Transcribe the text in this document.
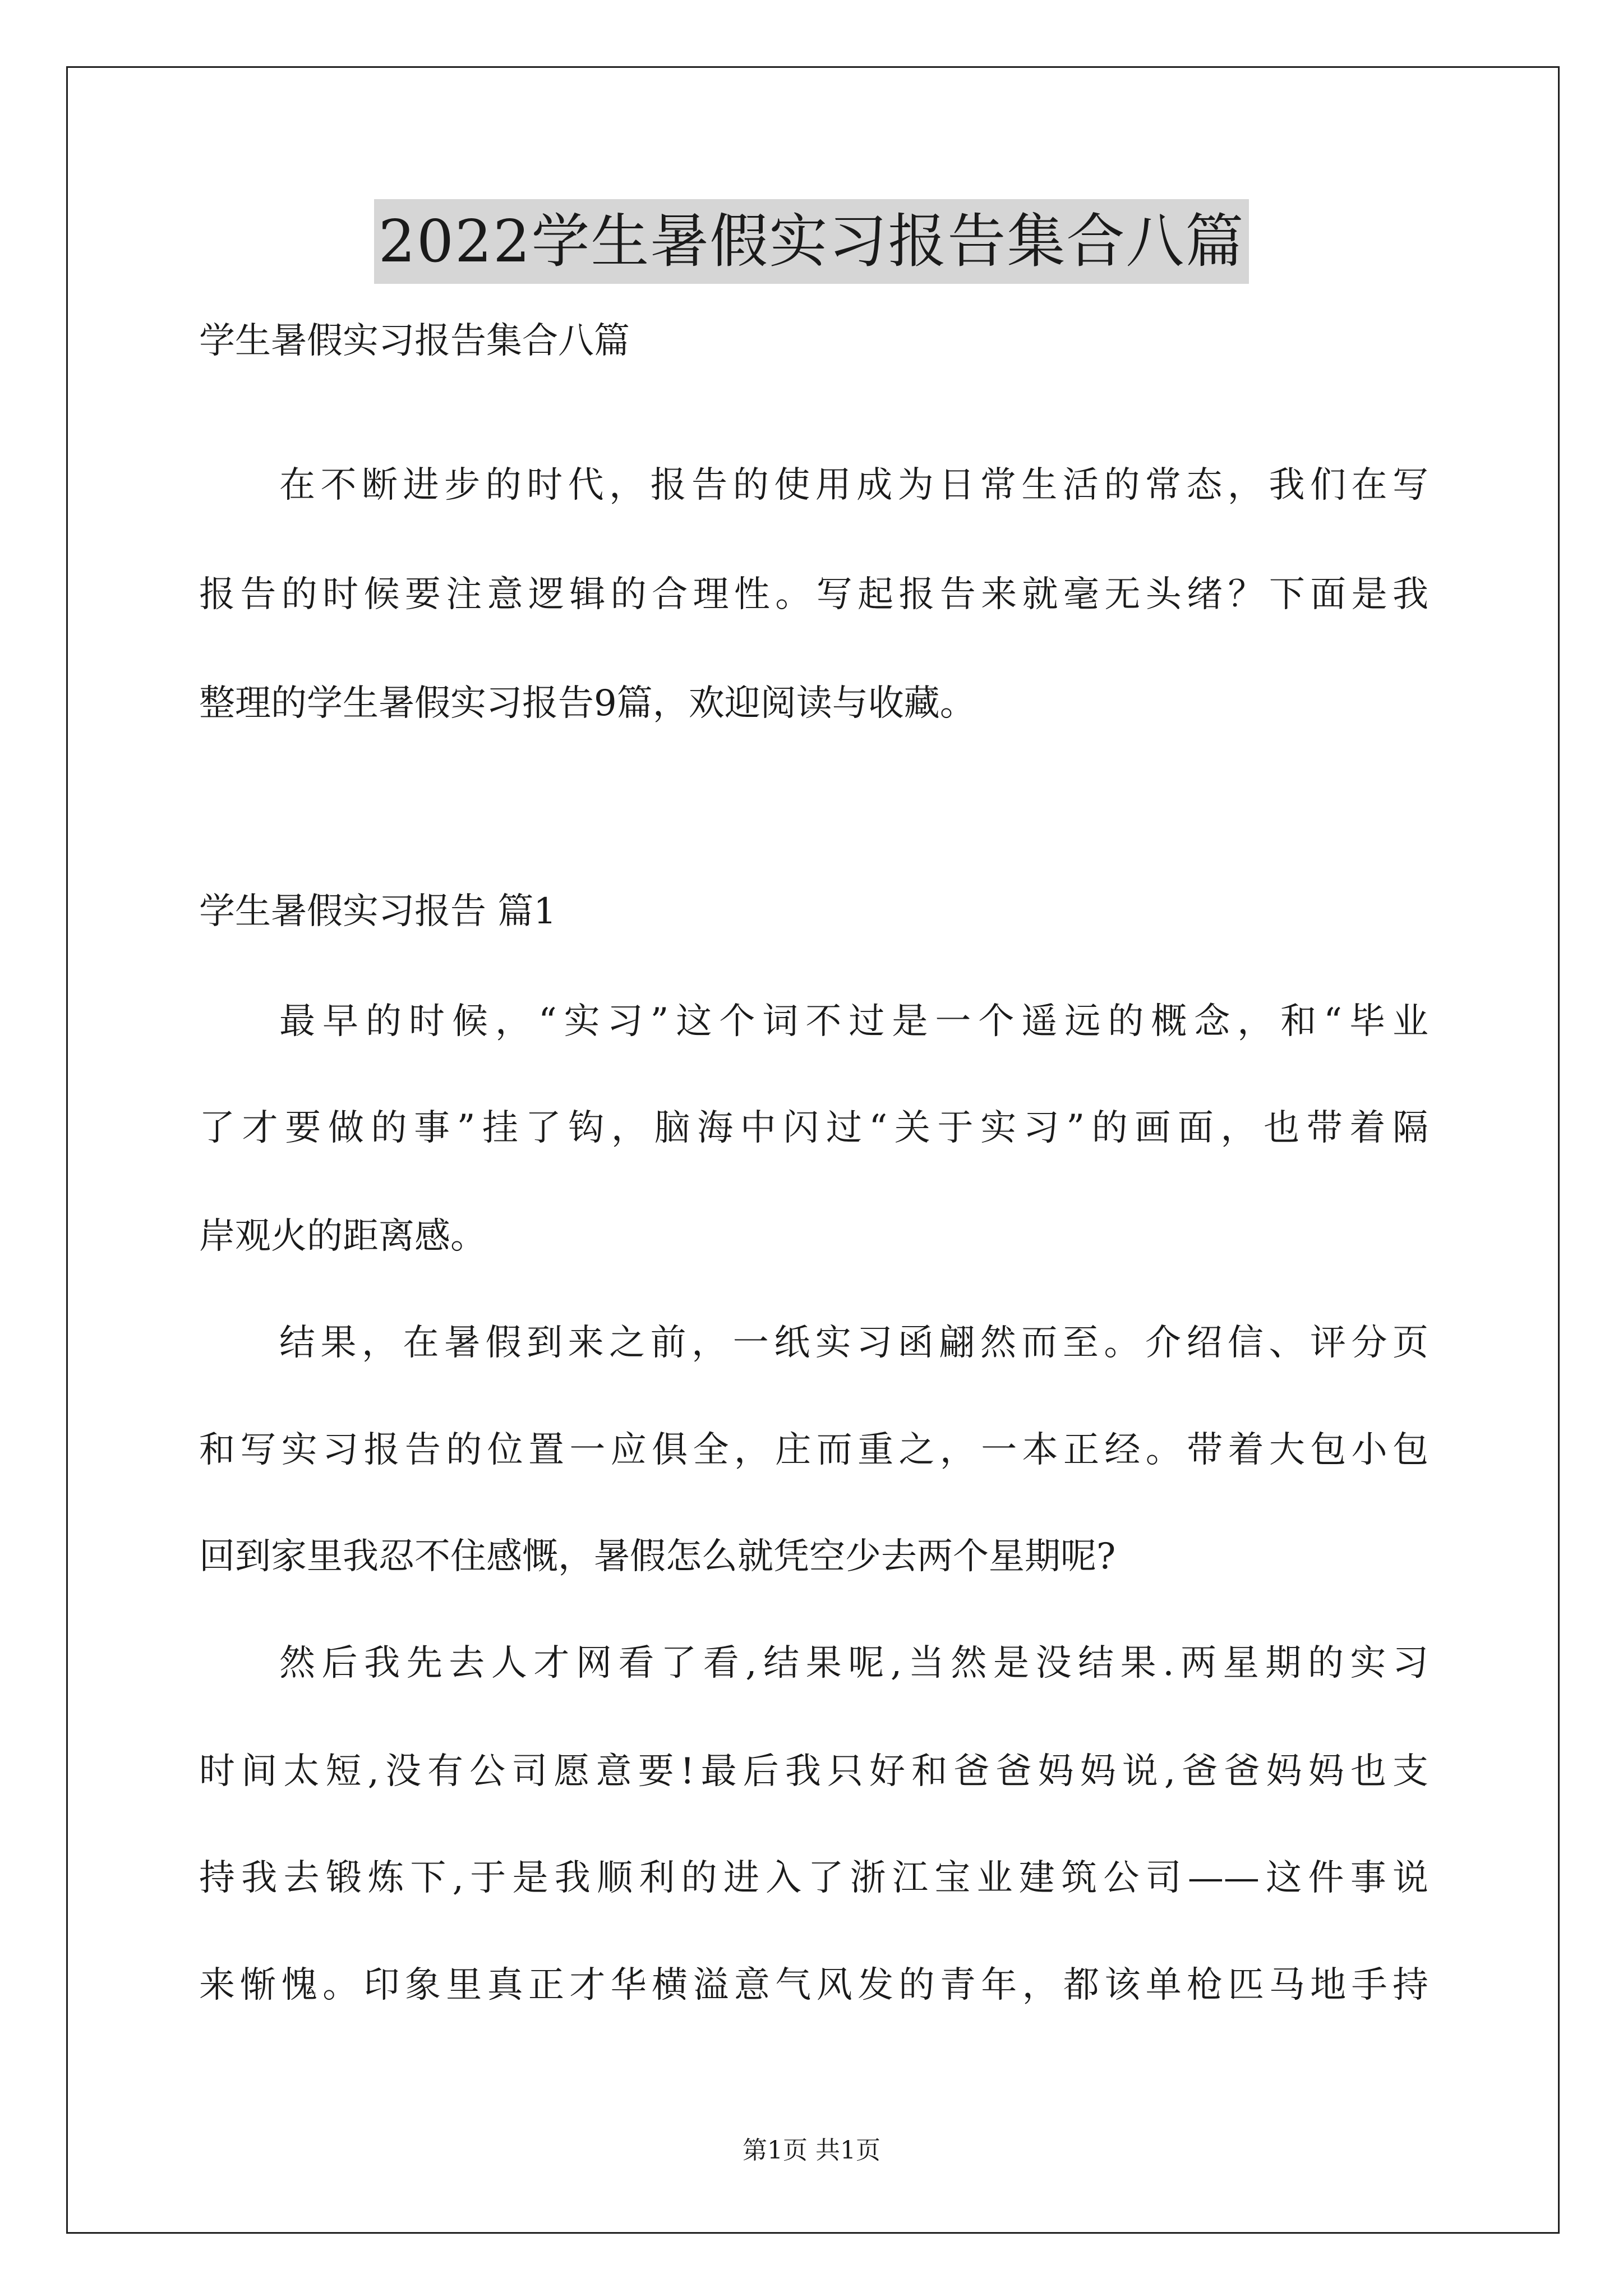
2022学生暑假实习报告集合八篇
学生暑假实习报告集合八篇
在不断进步的时代，报告的使用成为日常生活的常态，我们在写
报告的时候要注意逻辑的合理性。写起报告来就毫无头绪？下面是我
整理的学生暑假实习报告9篇，欢迎阅读与收藏。
学生暑假实习报告 篇1
最早的时候，“实习”这个词不过是一个遥远的概念，和“毕业
了才要做的事”挂了钩，脑海中闪过“关于实习”的画面，也带着隔
岸观火的距离感。
结果，在暑假到来之前，一纸实习函翩然而至。介绍信、评分页
和写实习报告的位置一应俱全，庄而重之，一本正经。带着大包小包
回到家里我忍不住感慨，暑假怎么就凭空少去两个星期呢?
然后我先去人才网看了看,结果呢,当然是没结果.两星期的实习
时间太短,没有公司愿意要!最后我只好和爸爸妈妈说,爸爸妈妈也支
持我去锻炼下,于是我顺利的进入了浙江宝业建筑公司——这件事说
来惭愧。印象里真正才华横溢意气风发的青年，都该单枪匹马地手持
第1页 共1页
